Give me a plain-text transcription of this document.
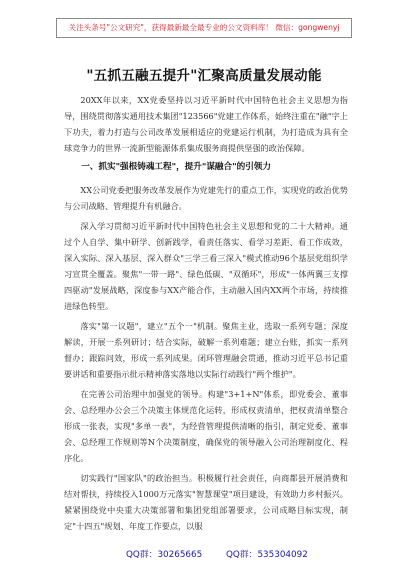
关注头条号"公文研究"，获得最新最全最专业的公文资料库！ 微信：gongwenyj
"五抓五融五提升"汇聚高质量发展动能

20XX年以来，XX党委坚持以习近平新时代中国特色社会主义思想为指导，围绕贯彻落实通用技术集团"123566"党建工作体系，始终注重在"融"字上下功夫，着力打造与公司改革发展相适应的党建运行机制，为打造成为具有全球竞争力的世界一流新型能源体系集成服务商提供坚强的政治保障。

一、抓实"强根铸魂工程"，提升"谋融合"的引领力

XX公司党委把服务改革发展作为党建先行的重点工作，实现党的政治优势与公司战略、管理提升有机融合。

深入学习贯彻习近平新时代中国特色社会主义思想和党的二十大精神。通过个人自学、集中研学、创新践学，看责任落实、看学习差距、看工作成效，深入实际、深入基层、深入群众"三学三看三深入"模式推动96个基层党组织学习宣贯全覆盖。聚焦"一带一路"、绿色低碳、"双循环"，形成"一体两翼三支撑四驱动"发展战略，深度参与XX产能合作，主动融入国内XX两个市场，持续推进绿色转型。

落实"第一议题"，建立"五个一"机制。聚焦主业，选取一系列专题；深度解读，开展一系列研讨；结合实际，破解一系列难题；建立台账，抓实一系列督办；跟踪问效，形成一系列成果。闭环管理融会贯通，推动习近平总书记重要讲话和重要指示批示精神落实落地以实际行动践行"两个维护"。

在完善公司治理中加强党的领导。构建"3+1+N"体系，即党委会、董事会、总经理办公会三个决策主体规范化运转，形成权责清单，把权责清单整合形成一张表，实现"多单一表"，为经营管理提供清晰的指引，制定党委、董事会、总经理工作规则等N个决策制度，确保党的领导融入公司治理制度化、程序化。

切实践行"国家队"的政治担当。积极履行社会责任，向商都县开展消费和结对帮扶，持续投入1000万元落实"智慧课堂"项目建设，有效助力乡村振兴。紧紧围绕党中央重大决策部署和集团党组部署要求，公司成略目标实现，制定"十四五"规划、年度工作要点，以服

QQ群：30265665	QQ群：535304092
